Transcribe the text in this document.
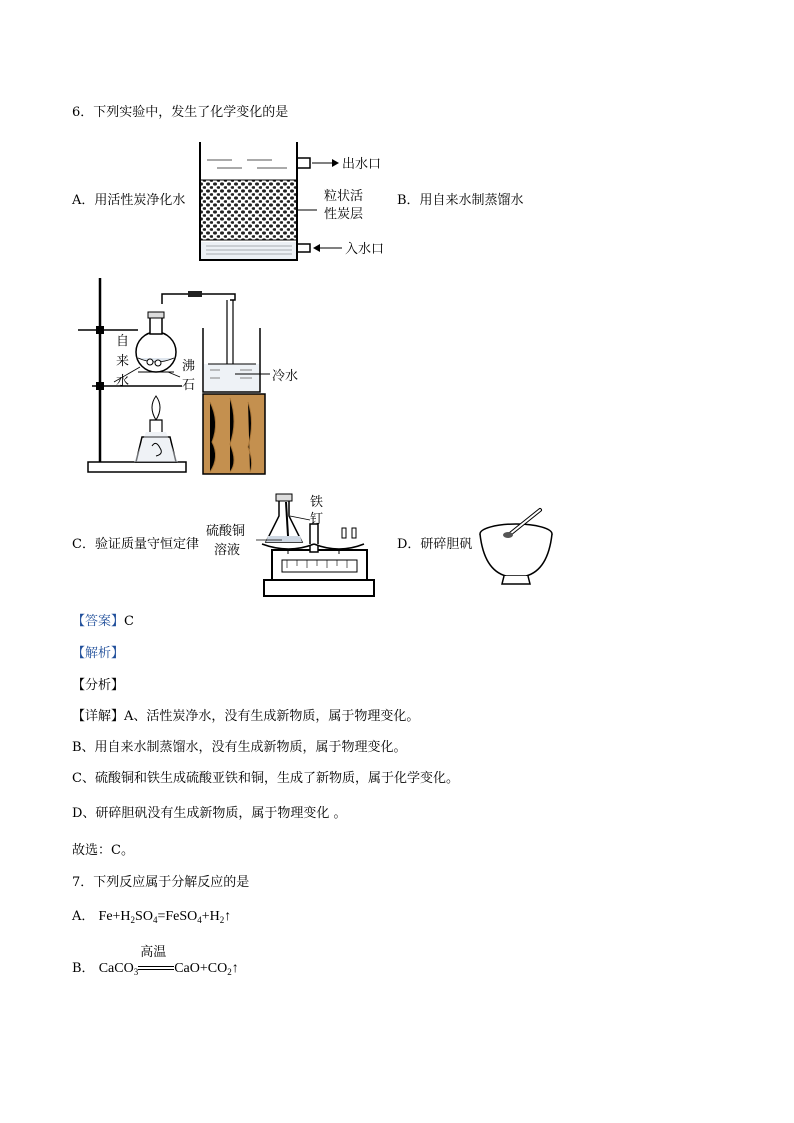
6．下列实验中，发生了化学变化的是
A．用活性炭净化水
出水口
粒状活
性炭层
入水口
B．用自来水制蒸馏水
自
来
水
沸
石
冷水
C．验证质量守恒定律
硫酸铜
溶液
铁
钉
D．研碎胆矾
【答案】C
【解析】
【分析】
【详解】A、活性炭净水，没有生成新物质，属于物理变化。
B、用自来水制蒸馏水，没有生成新物质，属于物理变化。
C、硫酸铜和铁生成硫酸亚铁和铜，生成了新物质，属于化学变化。
D、研碎胆矾没有生成新物质，属于物理变化 。
故选：C。
7．下列反应属于分解反应的是
A． $Fe+H_2SO_4=FeSO_4+H_2↑$
B． CaCO$_3$
高温
$CaO+CO_2↑$
